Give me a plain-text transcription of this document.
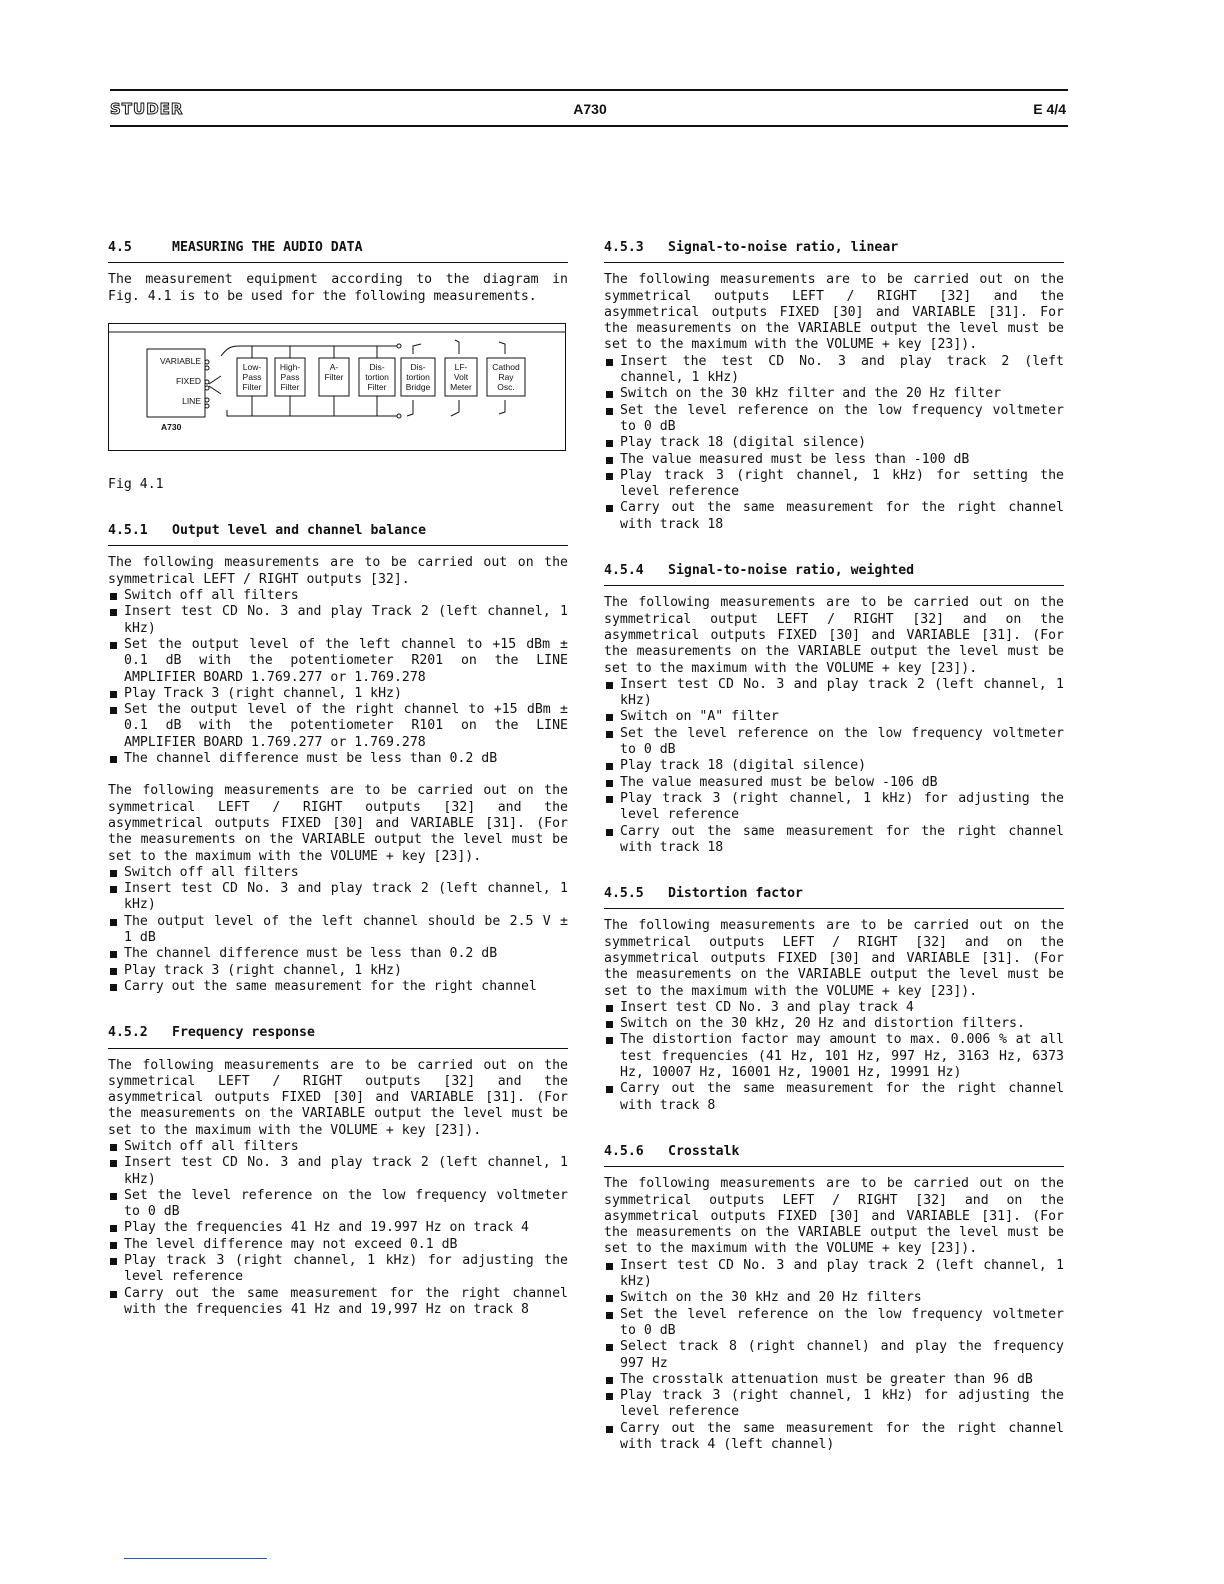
STUDER	A730	E 4/4
4.5	MEASURING THE AUDIO DATA

The measurement equipment according to the diagram in Fig. 4.1 is to be used for the following measurements.

VARIABLE
FIXED
LINE
A730
Low-
Pass
Filter
High-
Pass
Filter
A-
Filter
Dis-
tortion
Filter
Dis-
tortion
Bridge
LF-
Volt
Meter
Cathod
Ray
Osc.
Fig 4.1
4.5.1 Output level and channel balance

The following measurements are to be carried out on the symmetrical LEFT / RIGHT outputs [32].

Switch off all filters
Insert test CD No. 3 and play Track 2 (left channel, 1 kHz)
Set the output level of the left channel to +15 dBm ± 0.1 dB with the potentiometer R201 on the LINE AMPLIFIER BOARD 1.769.277 or 1.769.278
Play Track 3 (right channel, 1 kHz)
Set the output level of the right channel to +15 dBm ± 0.1 dB with the potentiometer R101 on the LINE AMPLIFIER BOARD 1.769.277 or 1.769.278
The channel difference must be less than 0.2 dB

The following measurements are to be carried out on the symmetrical LEFT / RIGHT outputs [32] and the asymmetrical outputs FIXED [30] and VARIABLE [31]. (For the measurements on the VARIABLE output the level must be set to the maximum with the VOLUME + key [23]).

Switch off all filters
Insert test CD No. 3 and play track 2 (left channel, 1 kHz)
The output level of the left channel should be 2.5 V ± 1 dB
The channel difference must be less than 0.2 dB
Play track 3 (right channel, 1 kHz)
Carry out the same measurement for the right channel
4.5.2 Frequency response

The following measurements are to be carried out on the symmetrical LEFT / RIGHT outputs [32] and the asymmetrical outputs FIXED [30] and VARIABLE [31]. (For the measurements on the VARIABLE output the level must be set to the maximum with the VOLUME + key [23]).

Switch off all filters
Insert test CD No. 3 and play track 2 (left channel, 1 kHz)
Set the level reference on the low frequency voltmeter to 0 dB
Play the frequencies 41 Hz and 19.997 Hz on track 4
The level difference may not exceed 0.1 dB
Play track 3 (right channel, 1 kHz) for adjusting the level reference
Carry out the same measurement for the right channel with the frequencies 41 Hz and 19,997 Hz on track 8
4.5.3 Signal-to-noise ratio, linear

The following measurements are to be carried out on the symmetrical outputs LEFT / RIGHT [32] and the asymmetrical outputs FIXED [30] and VARIABLE [31]. For the measurements on the VARIABLE output the level must be set to the maximum with the VOLUME + key [23]).

Insert the test CD No. 3 and play track 2 (left channel, 1 kHz)
Switch on the 30 kHz filter and the 20 Hz filter
Set the level reference on the low frequency voltmeter to 0 dB
Play track 18 (digital silence)
The value measured must be less than -100 dB
Play track 3 (right channel, 1 kHz) for setting the level reference
Carry out the same measurement for the right channel with track 18
4.5.4 Signal-to-noise ratio, weighted

The following measurements are to be carried out on the symmetrical output LEFT / RIGHT [32] and on the asymmetrical outputs FIXED [30] and VARIABLE [31]. (For the measurements on the VARIABLE output the level must be set to the maximum with the VOLUME + key [23]).

Insert test CD No. 3 and play track 2 (left channel, 1 kHz)
Switch on "A" filter
Set the level reference on the low frequency voltmeter to 0 dB
Play track 18 (digital silence)
The value measured must be below -106 dB
Play track 3 (right channel, 1 kHz) for adjusting the level reference
Carry out the same measurement for the right channel with track 18
4.5.5 Distortion factor

The following measurements are to be carried out on the symmetrical outputs LEFT / RIGHT [32] and on the asymmetrical outputs FIXED [30] and VARIABLE [31]. (For the measurements on the VARIABLE output the level must be set to the maximum with the VOLUME + key [23]).

Insert test CD No. 3 and play track 4
Switch on the 30 kHz, 20 Hz and distortion filters.
The distortion factor may amount to max. 0.006 % at all test frequencies (41 Hz, 101 Hz, 997 Hz, 3163 Hz, 6373 Hz, 10007 Hz, 16001 Hz, 19001 Hz, 19991 Hz)
Carry out the same measurement for the right channel with track 8
4.5.6 Crosstalk

The following measurements are to be carried out on the symmetrical outputs LEFT / RIGHT [32] and on the asymmetrical outputs FIXED [30] and VARIABLE [31]. (For the measurements on the VARIABLE output the level must be set to the maximum with the VOLUME + key [23]).

Insert test CD No. 3 and play track 2 (left channel, 1 kHz)
Switch on the 30 kHz and 20 Hz filters
Set the level reference on the low frequency voltmeter to 0 dB
Select track 8 (right channel) and play the frequency 997 Hz
The crosstalk attenuation must be greater than 96 dB
Play track 3 (right channel, 1 kHz) for adjusting the level reference
Carry out the same measurement for the right channel with track 4 (left channel)
